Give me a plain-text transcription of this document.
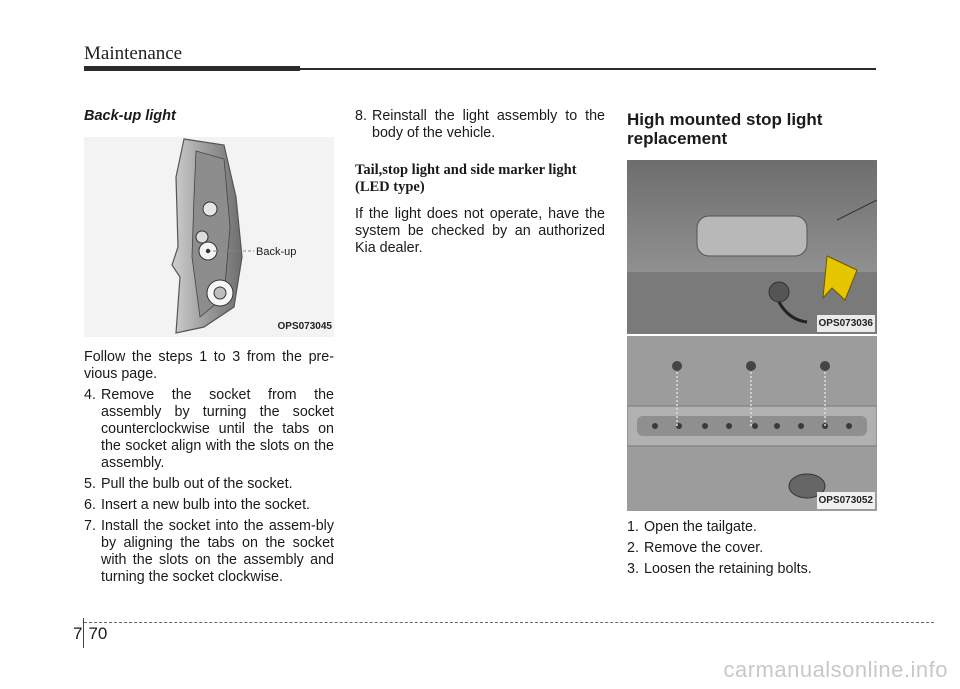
Maintenance
Back-up light
Back-up
OPS073045

Follow the steps 1 to 3 from the pre-vious page.

4. Remove the socket from the assembly by turning the socket counterclockwise until the tabs on the socket align with the slots on the assembly.
5. Pull the bulb out of the socket.
6. Insert a new bulb into the socket.
7. Install the socket into the assem-bly by aligning the tabs on the socket with the slots on the assembly and turning the socket clockwise.
8. Reinstall the light assembly to the body of the vehicle.
Tail,stop light and side marker light (LED type)

If the light does not operate, have the system be checked by an authorized Kia dealer.

High mounted stop light replacement
OPS073036
OPS073052
1. Open the tailgate.
2. Remove the cover.
3. Loosen the retaining bolts.
7 70
carmanualsonline.info
